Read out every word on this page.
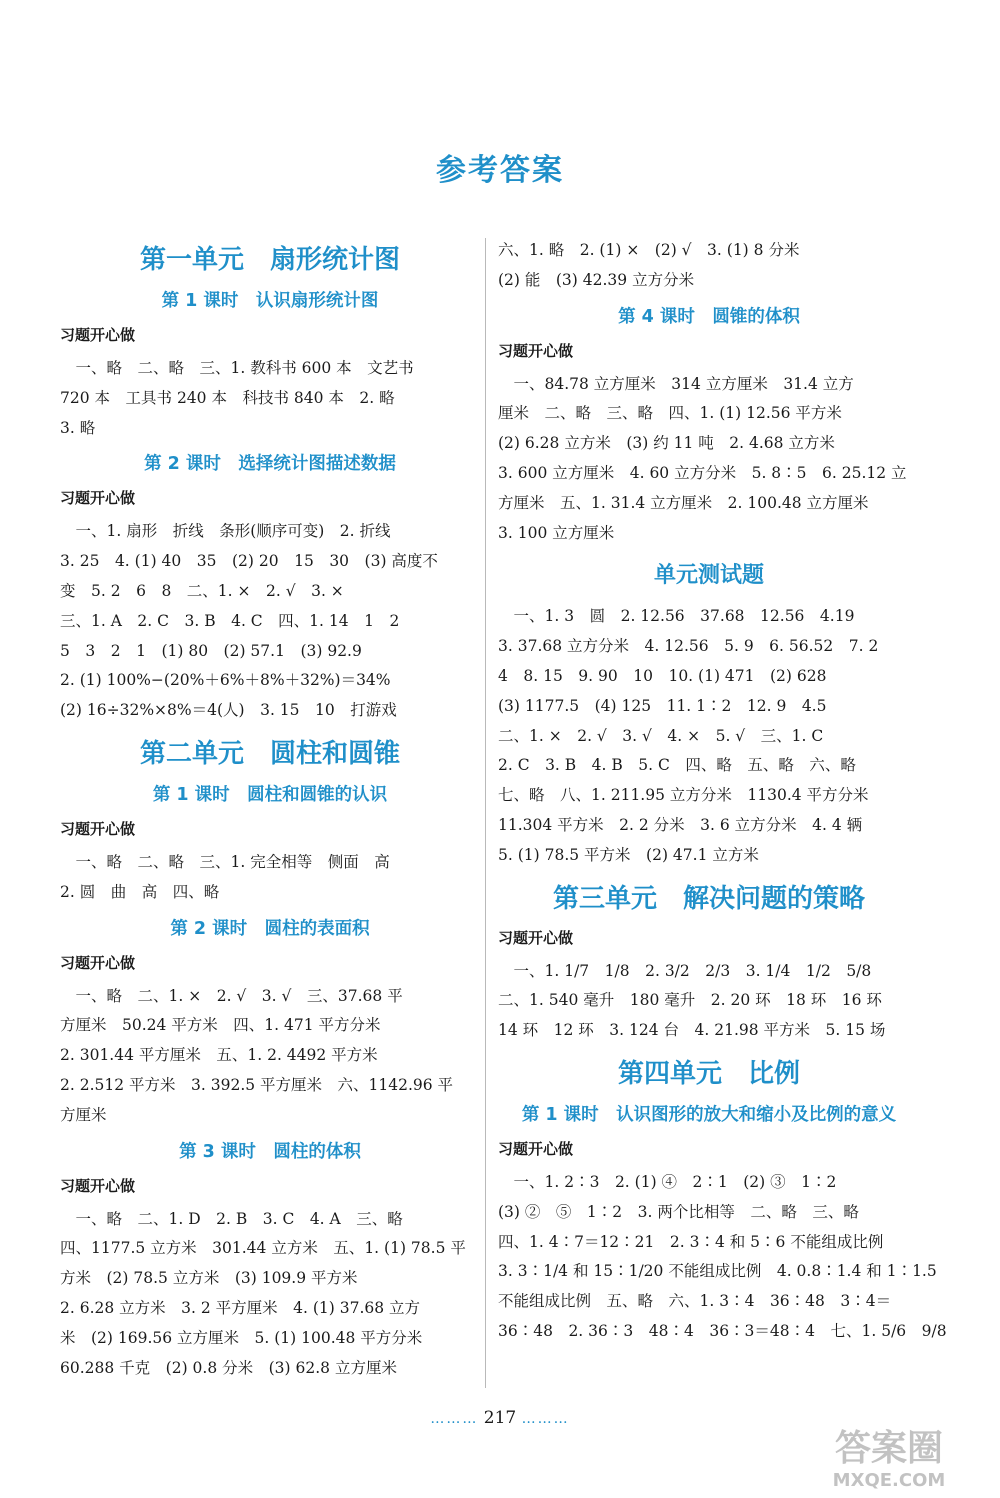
参考答案
第一单元　扇形统计图
第 1 课时　认识扇形统计图
习题开心做
　一、略　二、略　三、1. 教科书 600 本　文艺书
720 本　工具书 240 本　科技书 840 本　2. 略
3. 略
第 2 课时　选择统计图描述数据
习题开心做
　一、1. 扇形　折线　条形(顺序可变)　2. 折线
3. 25　4. (1) 40　35　(2) 20　15　30　(3) 高度不
变　5. 2　6　8　二、1. ×　2. √　3. ×
三、1. A　2. C　3. B　4. C　四、1. 14　1　2
5　3　2　1　(1) 80　(2) 57.1　(3) 92.9
2. (1) 100%−(20%＋6%＋8%＋32%)＝34%
(2) 16÷32%×8%＝4(人)　3. 15　10　打游戏
第二单元　圆柱和圆锥
第 1 课时　圆柱和圆锥的认识
习题开心做
　一、略　二、略　三、1. 完全相等　侧面　高
2. 圆　曲　高　四、略
第 2 课时　圆柱的表面积
习题开心做
　一、略　二、1. ×　2. √　3. √　三、37.68 平
方厘米　50.24 平方米　四、1. 471 平方分米
2. 301.44 平方厘米　五、1. 2. 4492 平方米
2. 2.512 平方米　3. 392.5 平方厘米　六、1142.96 平
方厘米
第 3 课时　圆柱的体积
习题开心做
　一、略　二、1. D　2. B　3. C　4. A　三、略
四、1177.5 立方米　301.44 立方米　五、1. (1) 78.5 平
方米　(2) 78.5 立方米　(3) 109.9 平方米
2. 6.28 立方米　3. 2 平方厘米　4. (1) 37.68 立方
米　(2) 169.56 立方厘米　5. (1) 100.48 平方分米
60.288 千克　(2) 0.8 分米　(3) 62.8 立方厘米
六、1. 略　2. (1) ×　(2) √　3. (1) 8 分米
(2) 能　(3) 42.39 立方分米
第 4 课时　圆锥的体积
习题开心做
　一、84.78 立方厘米　314 立方厘米　31.4 立方
厘米　二、略　三、略　四、1. (1) 12.56 平方米
(2) 6.28 立方米　(3) 约 11 吨　2. 4.68 立方米
3. 600 立方厘米　4. 60 立方分米　5. 8∶5　6. 25.12 立
方厘米　五、1. 31.4 立方厘米　2. 100.48 立方厘米
3. 100 立方厘米
单元测试题
　一、1. 3　圆　2. 12.56　37.68　12.56　4.19
3. 37.68 立方分米　4. 12.56　5. 9　6. 56.52　7. 2
4　8. 15　9. 90　10　10. (1) 471　(2) 628
(3) 1177.5　(4) 125　11. 1∶2　12. 9　4.5
二、1. ×　2. √　3. √　4. ×　5. √　三、1. C
2. C　3. B　4. B　5. C　四、略　五、略　六、略
七、略　八、1. 211.95 立方分米　1130.4 平方分米
11.304 平方米　2. 2 分米　3. 6 立方分米　4. 4 辆
5. (1) 78.5 平方米　(2) 47.1 立方米
第三单元　解决问题的策略
习题开心做
　一、1. 1/7　1/8　2. 3/2　2/3　3. 1/4　1/2　5/8
二、1. 540 毫升　180 毫升　2. 20 环　18 环　16 环
14 环　12 环　3. 124 台　4. 21.98 平方米　5. 15 场
第四单元　比例
第 1 课时　认识图形的放大和缩小及比例的意义
习题开心做
　一、1. 2∶3　2. (1) ④　2∶1　(2) ③　1∶2
(3) ②　⑤　1∶2　3. 两个比相等　二、略　三、略
四、1. 4∶7＝12∶21　2. 3∶4 和 5∶6 不能组成比例
3. 3∶1/4 和 15∶1/20 不能组成比例　4. 0.8∶1.4 和 1∶1.5
不能组成比例　五、略　六、1. 3∶4　36∶48　3∶4＝
36∶48　2. 36∶3　48∶4　36∶3＝48∶4　七、1. 5/6　9/8
……… 217 ………
答案圈
MXQE.COM
